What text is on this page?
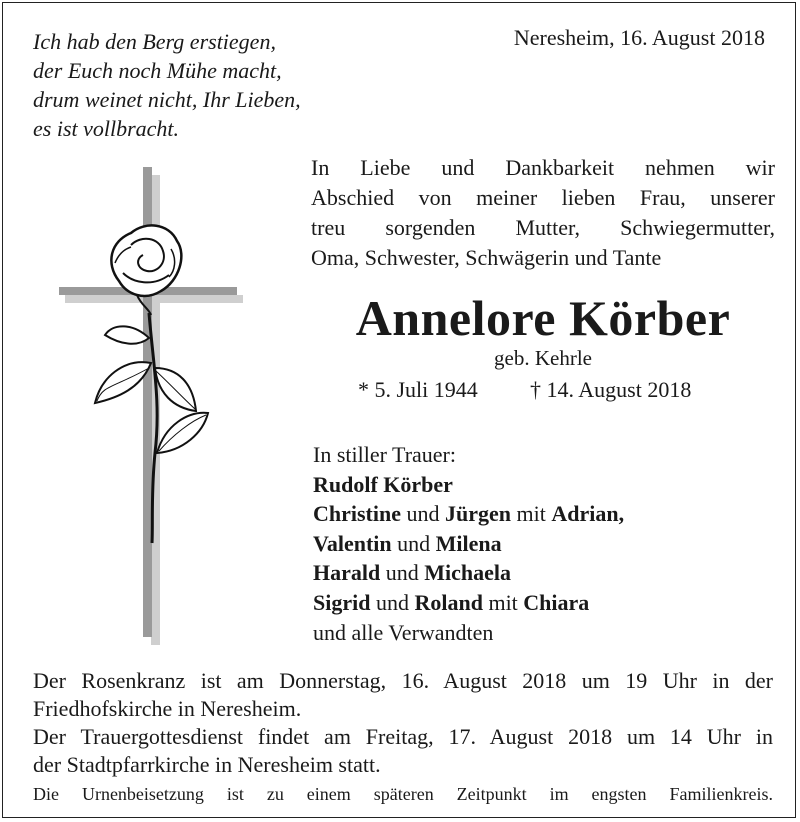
Ich hab den Berg erstiegen,
der Euch noch Mühe macht,
drum weinet nicht, Ihr Lieben,
es ist vollbracht.
Neresheim, 16. August 2018
In Liebe und Dankbarkeit nehmen wir
Abschied von meiner lieben Frau, unserer
treu sorgenden Mutter, Schwiegermutter,
Oma, Schwester, Schwägerin und Tante
Annelore Körber
geb. Kehrle
* 5. Juli 1944 † 14. August 2018
In stiller Trauer:
Rudolf Körber
Christine und Jürgen mit Adrian,
Valentin und Milena
Harald und Michaela
Sigrid und Roland mit Chiara
und alle Verwandten

Der Rosenkranz ist am Donnerstag, 16. August 2018 um 19 Uhr in der

Friedhofskirche in Neresheim.

Der Trauergottesdienst findet am Freitag, 17. August 2018 um 14 Uhr in

der Stadtpfarrkirche in Neresheim statt.

Die Urnenbeisetzung ist zu einem späteren Zeitpunkt im engsten Familienkreis.
